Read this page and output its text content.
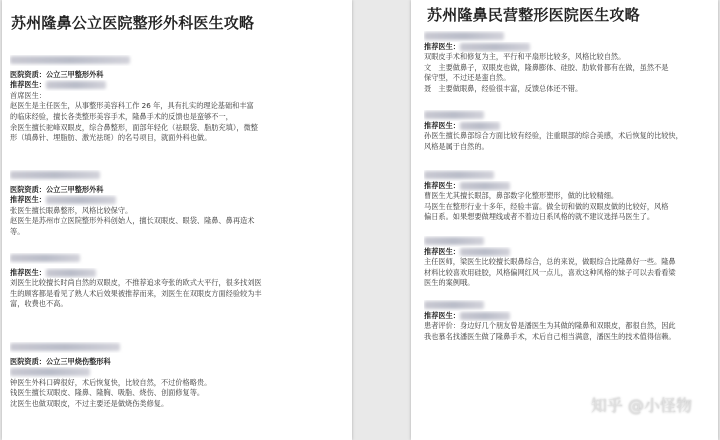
苏州隆鼻公立医院整形外科医生攻略
医院资质：公立三甲整形外科
推荐医生：
首席医生：
赵医生是主任医生，从事整形美容科工作 26 年，具有扎实的理论基础和丰富
的临床经验，擅长各类整形美容手术，隆鼻手术的反馈也是蛮够不一，
余医生擅长驼峰双眼皮，综合鼻整形，面部年轻化（祛眼袋、脂肪充填），微整
形（填鼻针、埋脂肪、激光祛斑）的名号项目，就面外科也做。
医院资质：公立三甲整形外科
推荐医生：
张医生擅长眼鼻整形，风格比较保守。
赵医生是苏州市立医院整形外科创始人，擅长双眼皮、眼袋、隆鼻、鼻再造术
等。
推荐医生：
刘医生比较擅长时尚自然的双眼皮，不推荐追求夸张的欧式大平行，很多找刘医
生的顾客都是看见了熟人术后效果被推荐而来，刘医生在双眼皮方面经验较为丰
富，收费也不高。
医院资质：公立三甲烧伤整形科
钟医生外科口碑很好，术后恢复快，比较自然，不过价格略贵。
钱医生擅长双眼皮、隆鼻、隆胸、吸脂、烧伤、创面修复等。
沈医生也做双眼皮，不过主要还是做烧伤类修复。
苏州隆鼻民营整形医院医生攻略
推荐医生：
双眼皮手术和修复为主，平行和平扇形比较多，风格比较自然。
文　主要做鼻子，双眼皮也做，隆鼻膨体、硅胶、肋软骨都有在做，虽然不是
保守型，不过还是蛮自然。
聂　主要做眼鼻，经验很丰富，反馈总体还不错。
推荐医生：
孙医生擅长鼻部综合方面比较有经验，注重眼部的综合美感，术后恢复的比较快，
风格是属于自然的。
推荐医生：
曹医生尤其擅长眼部，鼻部数字化整形塑形，做的比较精细。
马医生在整形行业十多年，经验丰富。做全切和做的双眼皮做的比较好，风格
偏日系。如果想要做埋线或者不着边日系风格的就不建议选择马医生了。
推荐医生：
主任医师，梁医生比较擅长眼鼻综合，总的来说，做眼综合比隆鼻好一些。隆鼻
材料比较喜欢用硅胶，风格偏网红风一点儿，喜欢这种风格的妹子可以去看看梁
医生的案例哦。
推荐医生：
患者评价：身边好几个朋友曾是潘医生为其做的隆鼻和双眼皮，都很自然，因此
我也慕名找潘医生做了隆鼻手术，术后自己相当满意，潘医生的技术值得信赖。
知乎 @小怪物
